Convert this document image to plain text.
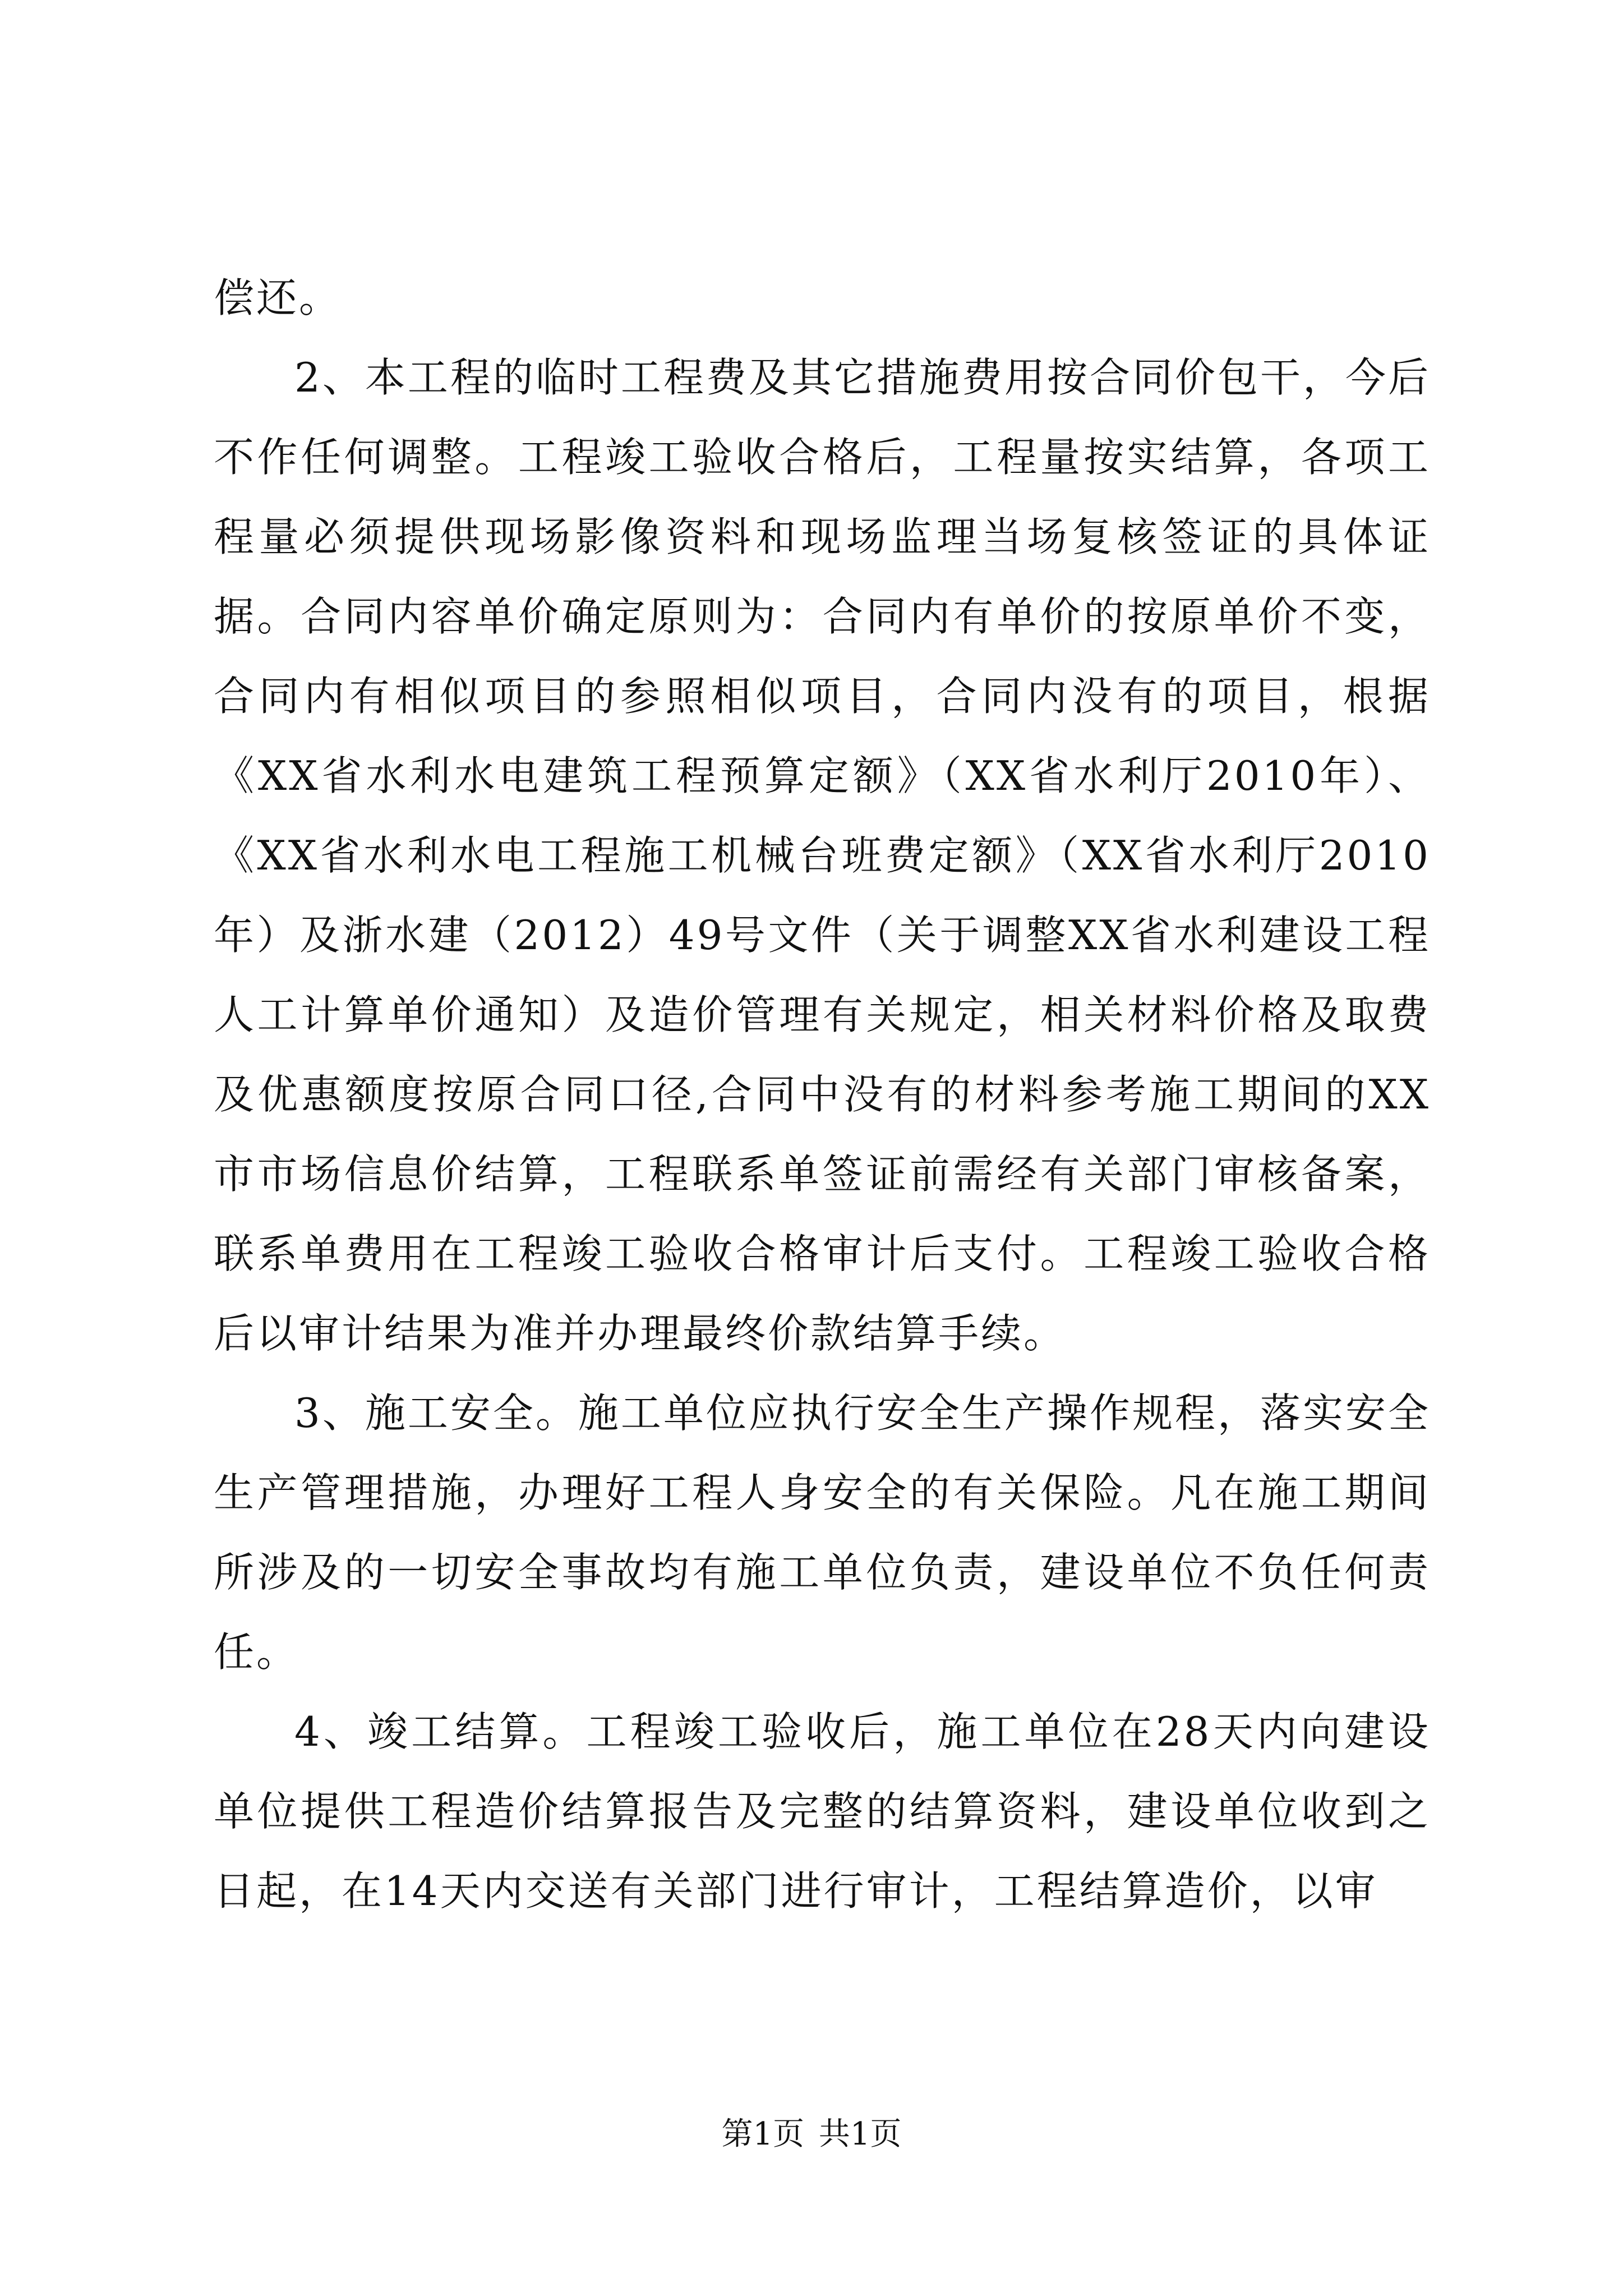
偿还。

2、本工程的临时工程费及其它措施费用按合同价包干，今后不作任何调整。工程竣工验收合格后，工程量按实结算，各项工程量必须提供现场影像资料和现场监理当场复核签证的具体证据。合同内容单价确定原则为：合同内有单价的按原单价不变，合同内有相似项目的参照相似项目，合同内没有的项目，根据《XX省水利水电建筑工程预算定额》（XX省水利厅2010年）、《XX省水利水电工程施工机械台班费定额》（XX省水利厅2010年）及浙水建（2012）49号文件（关于调整XX省水利建设工程人工计算单价通知）及造价管理有关规定，相关材料价格及取费及优惠额度按原合同口径,合同中没有的材料参考施工期间的XX市市场信息价结算，工程联系单签证前需经有关部门审核备案，联系单费用在工程竣工验收合格审计后支付。工程竣工验收合格后以审计结果为准并办理最终价款结算手续。

3、施工安全。施工单位应执行安全生产操作规程，落实安全生产管理措施，办理好工程人身安全的有关保险。凡在施工期间所涉及的一切安全事故均有施工单位负责，建设单位不负任何责任。

4、竣工结算。工程竣工验收后，施工单位在28天内向建设单位提供工程造价结算报告及完整的结算资料，建设单位收到之日起，在14天内交送有关部门进行审计，工程结算造价，以审

第1页 共1页
